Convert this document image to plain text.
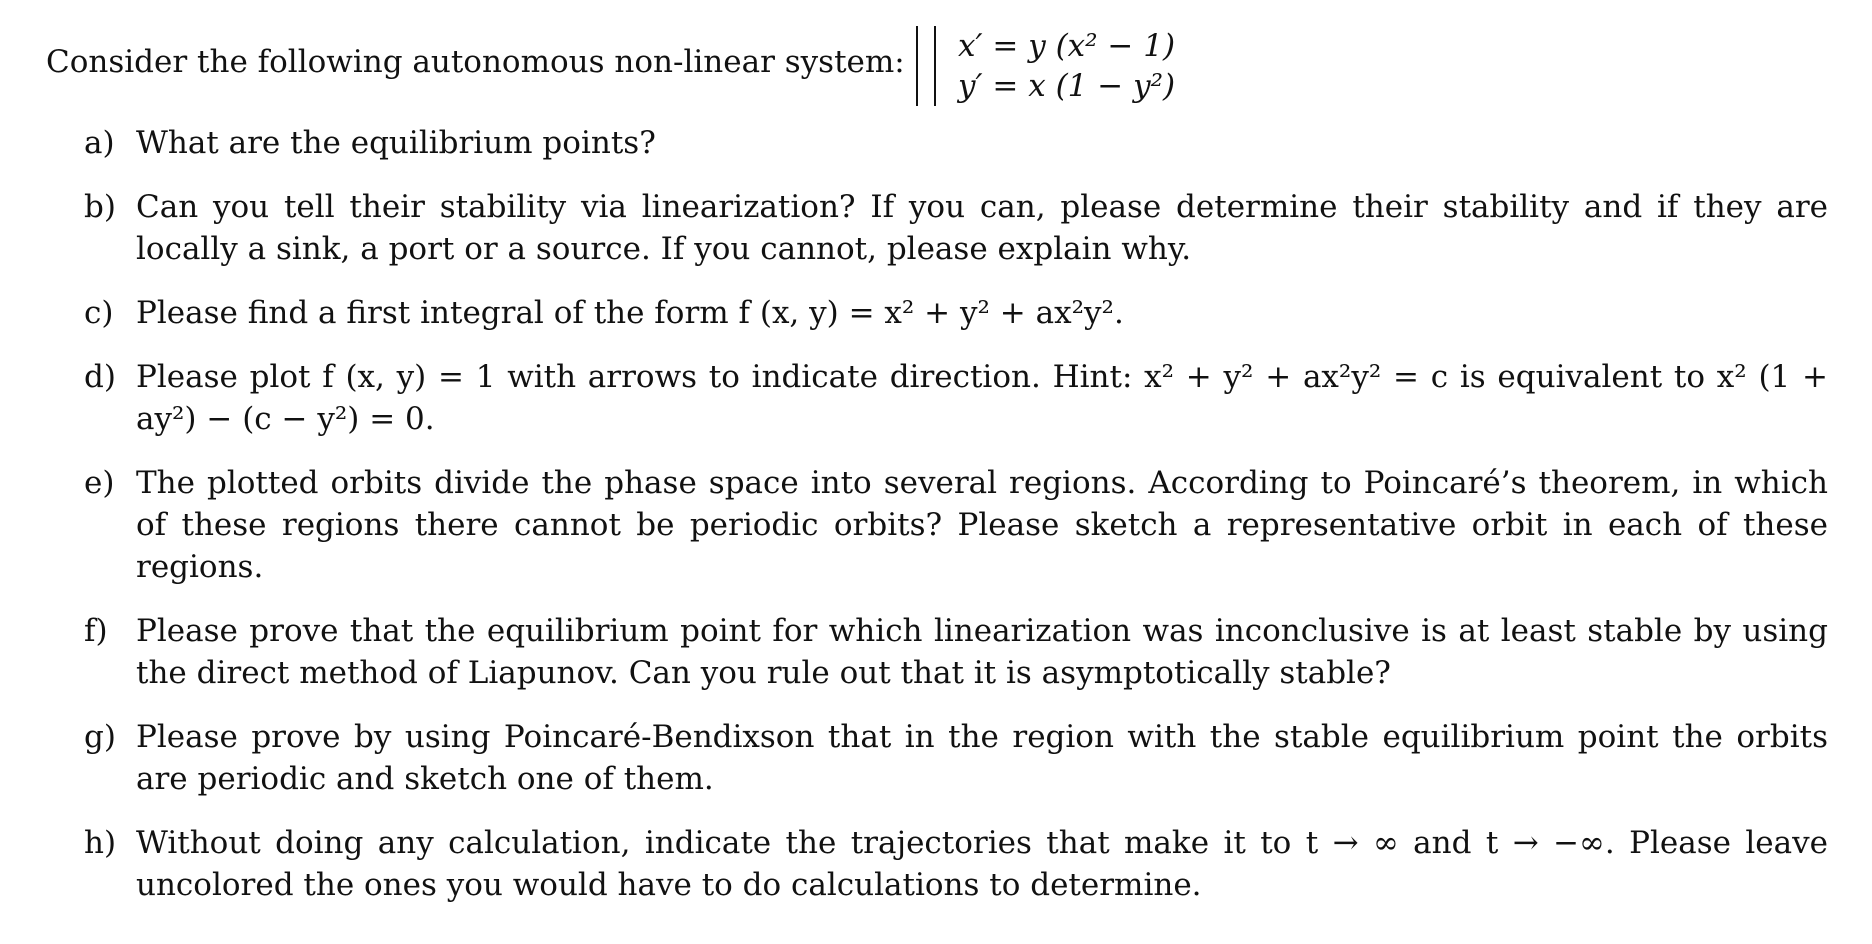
Consider the following autonomous non-linear system: x′ = y (x² − 1)
y′ = x (1 − y²)
a) What are the equilibrium points?
b) Can you tell their stability via linearization? If you can, please determine their stability and if they are locally a sink, a port or a source. If you cannot, please explain why.
c) Please find a first integral of the form f (x, y) = x² + y² + ax²y².
d) Please plot f (x, y) = 1 with arrows to indicate direction. Hint: x² + y² + ax²y² = c is equivalent to x² (1 + ay²) − (c − y²) = 0.
e) The plotted orbits divide the phase space into several regions. According to Poincaré’s theorem, in which of these regions there cannot be periodic orbits? Please sketch a representative orbit in each of these regions.
f) Please prove that the equilibrium point for which linearization was inconclusive is at least stable by using the direct method of Liapunov. Can you rule out that it is asymptotically stable?
g) Please prove by using Poincaré-Bendixson that in the region with the stable equilibrium point the orbits are periodic and sketch one of them.
h) Without doing any calculation, indicate the trajectories that make it to t → ∞ and t → −∞. Please leave uncolored the ones you would have to do calculations to determine.
